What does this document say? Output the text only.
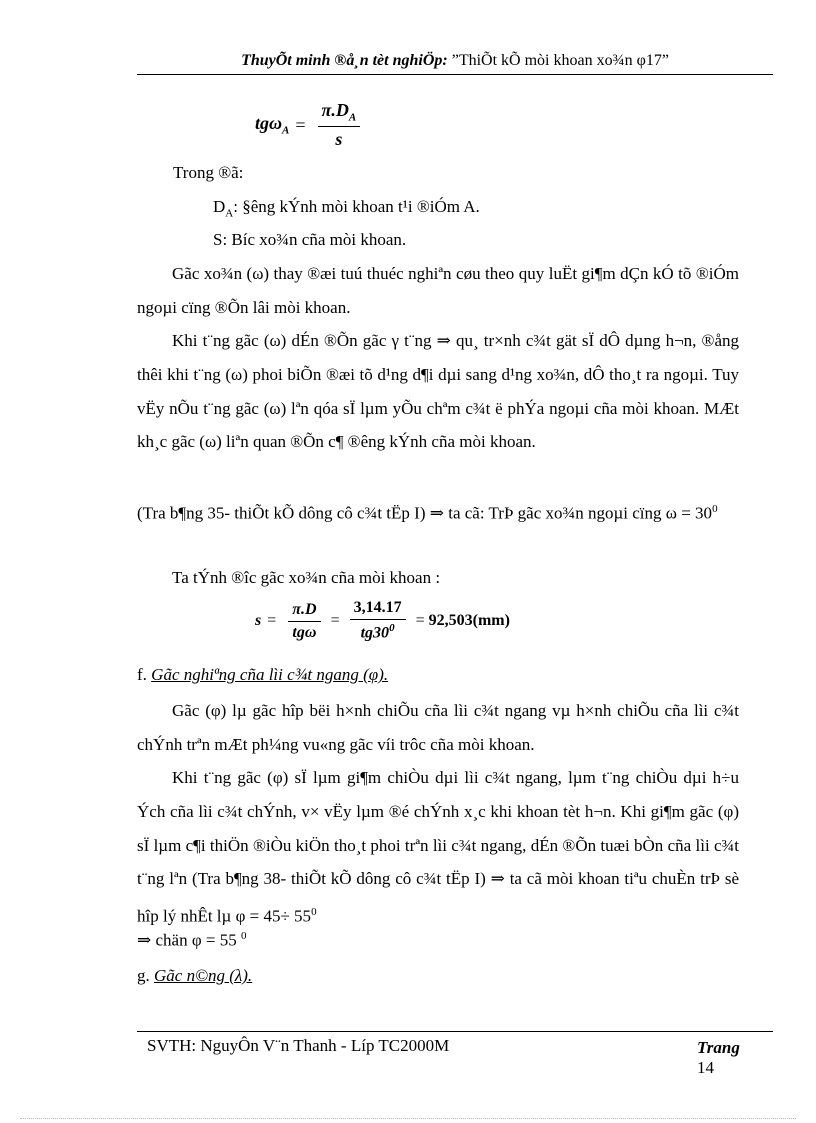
ThuyÕt minh ®å¸n tèt nghiÖp: ”ThiÕt kÕ mòi khoan xo¾n φ17”
$tg\omega_A = \frac{\pi.D_A}{s}$
Trong ®ã:
$D_A$: §êng kÝnh mòi khoan t¹i ®iÓm A.
S: Bíc xo¾n cña mòi khoan.
Gãc xo¾n (ω) thay ®æi tuú thuéc nghiªn cøu theo quy luËt gi¶m dÇn kÓ tõ ®iÓm ngoµi cïng ®Õn lâi mòi khoan.
Khi t¨ng gãc (ω) dÉn ®Õn gãc γ t¨ng ⇒ qu¸ tr×nh c¾t gät sÏ dÔ dµng h¬n, ®ång thêi khi t¨ng (ω) phoi biÕn ®æi tõ d¹ng d¶i dµi sang d¹ng xo¾n, dÔ tho¸t ra ngoµi. Tuy vËy nÕu t¨ng gãc (ω) lªn qóa sÏ lµm yÕu chªm c¾t ë phÝa ngoµi cña mòi khoan. MÆt kh¸c gãc (ω) liªn quan ®Õn c¶ ®êng kÝnh cña mòi khoan.
(Tra b¶ng 35- thiÕt kÕ dông cô c¾t tËp I) ⇒ ta cã: TrÞ gãc xo¾n ngoµi cïng $\omega = 30^0$
Ta tÝnh ®îc gãc xo¾n cña mòi khoan :
$s = \frac{\pi.D}{\text{tgω}} = \frac{3,14.17}{tg30^0} = 92,503(mm)$
f. Gãc nghiªng cña lìi c¾t ngang (φ).
Gãc (φ) lµ gãc hîp bëi h×nh chiÕu cña lìi c¾t ngang vµ h×nh chiÕu cña lìi c¾t chÝnh trªn mÆt ph¼ng vu«ng gãc víi trôc cña mòi khoan.
Khi t¨ng gãc (φ) sÏ lµm gi¶m chiÒu dµi lìi c¾t ngang, lµm t¨ng chiÒu dµi h÷u Ých cña lìi c¾t chÝnh, v× vËy lµm ®é chÝnh x¸c khi khoan tèt h¬n. Khi gi¶m gãc (φ) sÏ lµm c¶i thiÖn ®iÒu kiÖn tho¸t phoi trªn lìi c¾t ngang, dÉn ®Õn tuæi bÒn cña lìi c¾t t¨ng lªn (Tra b¶ng 38- thiÕt kÕ dông cô c¾t tËp I) ⇒ ta cã mòi khoan tiªu chuÈn trÞ sè hîp lý nhÊt lµ $\varphi = 45\div 55^0$
⇒ chän φ = 55 $^0$
g. Gãc n©ng (λ).
SVTH: NguyÔn V¨n Thanh - Líp TC2000M	Trang
14
